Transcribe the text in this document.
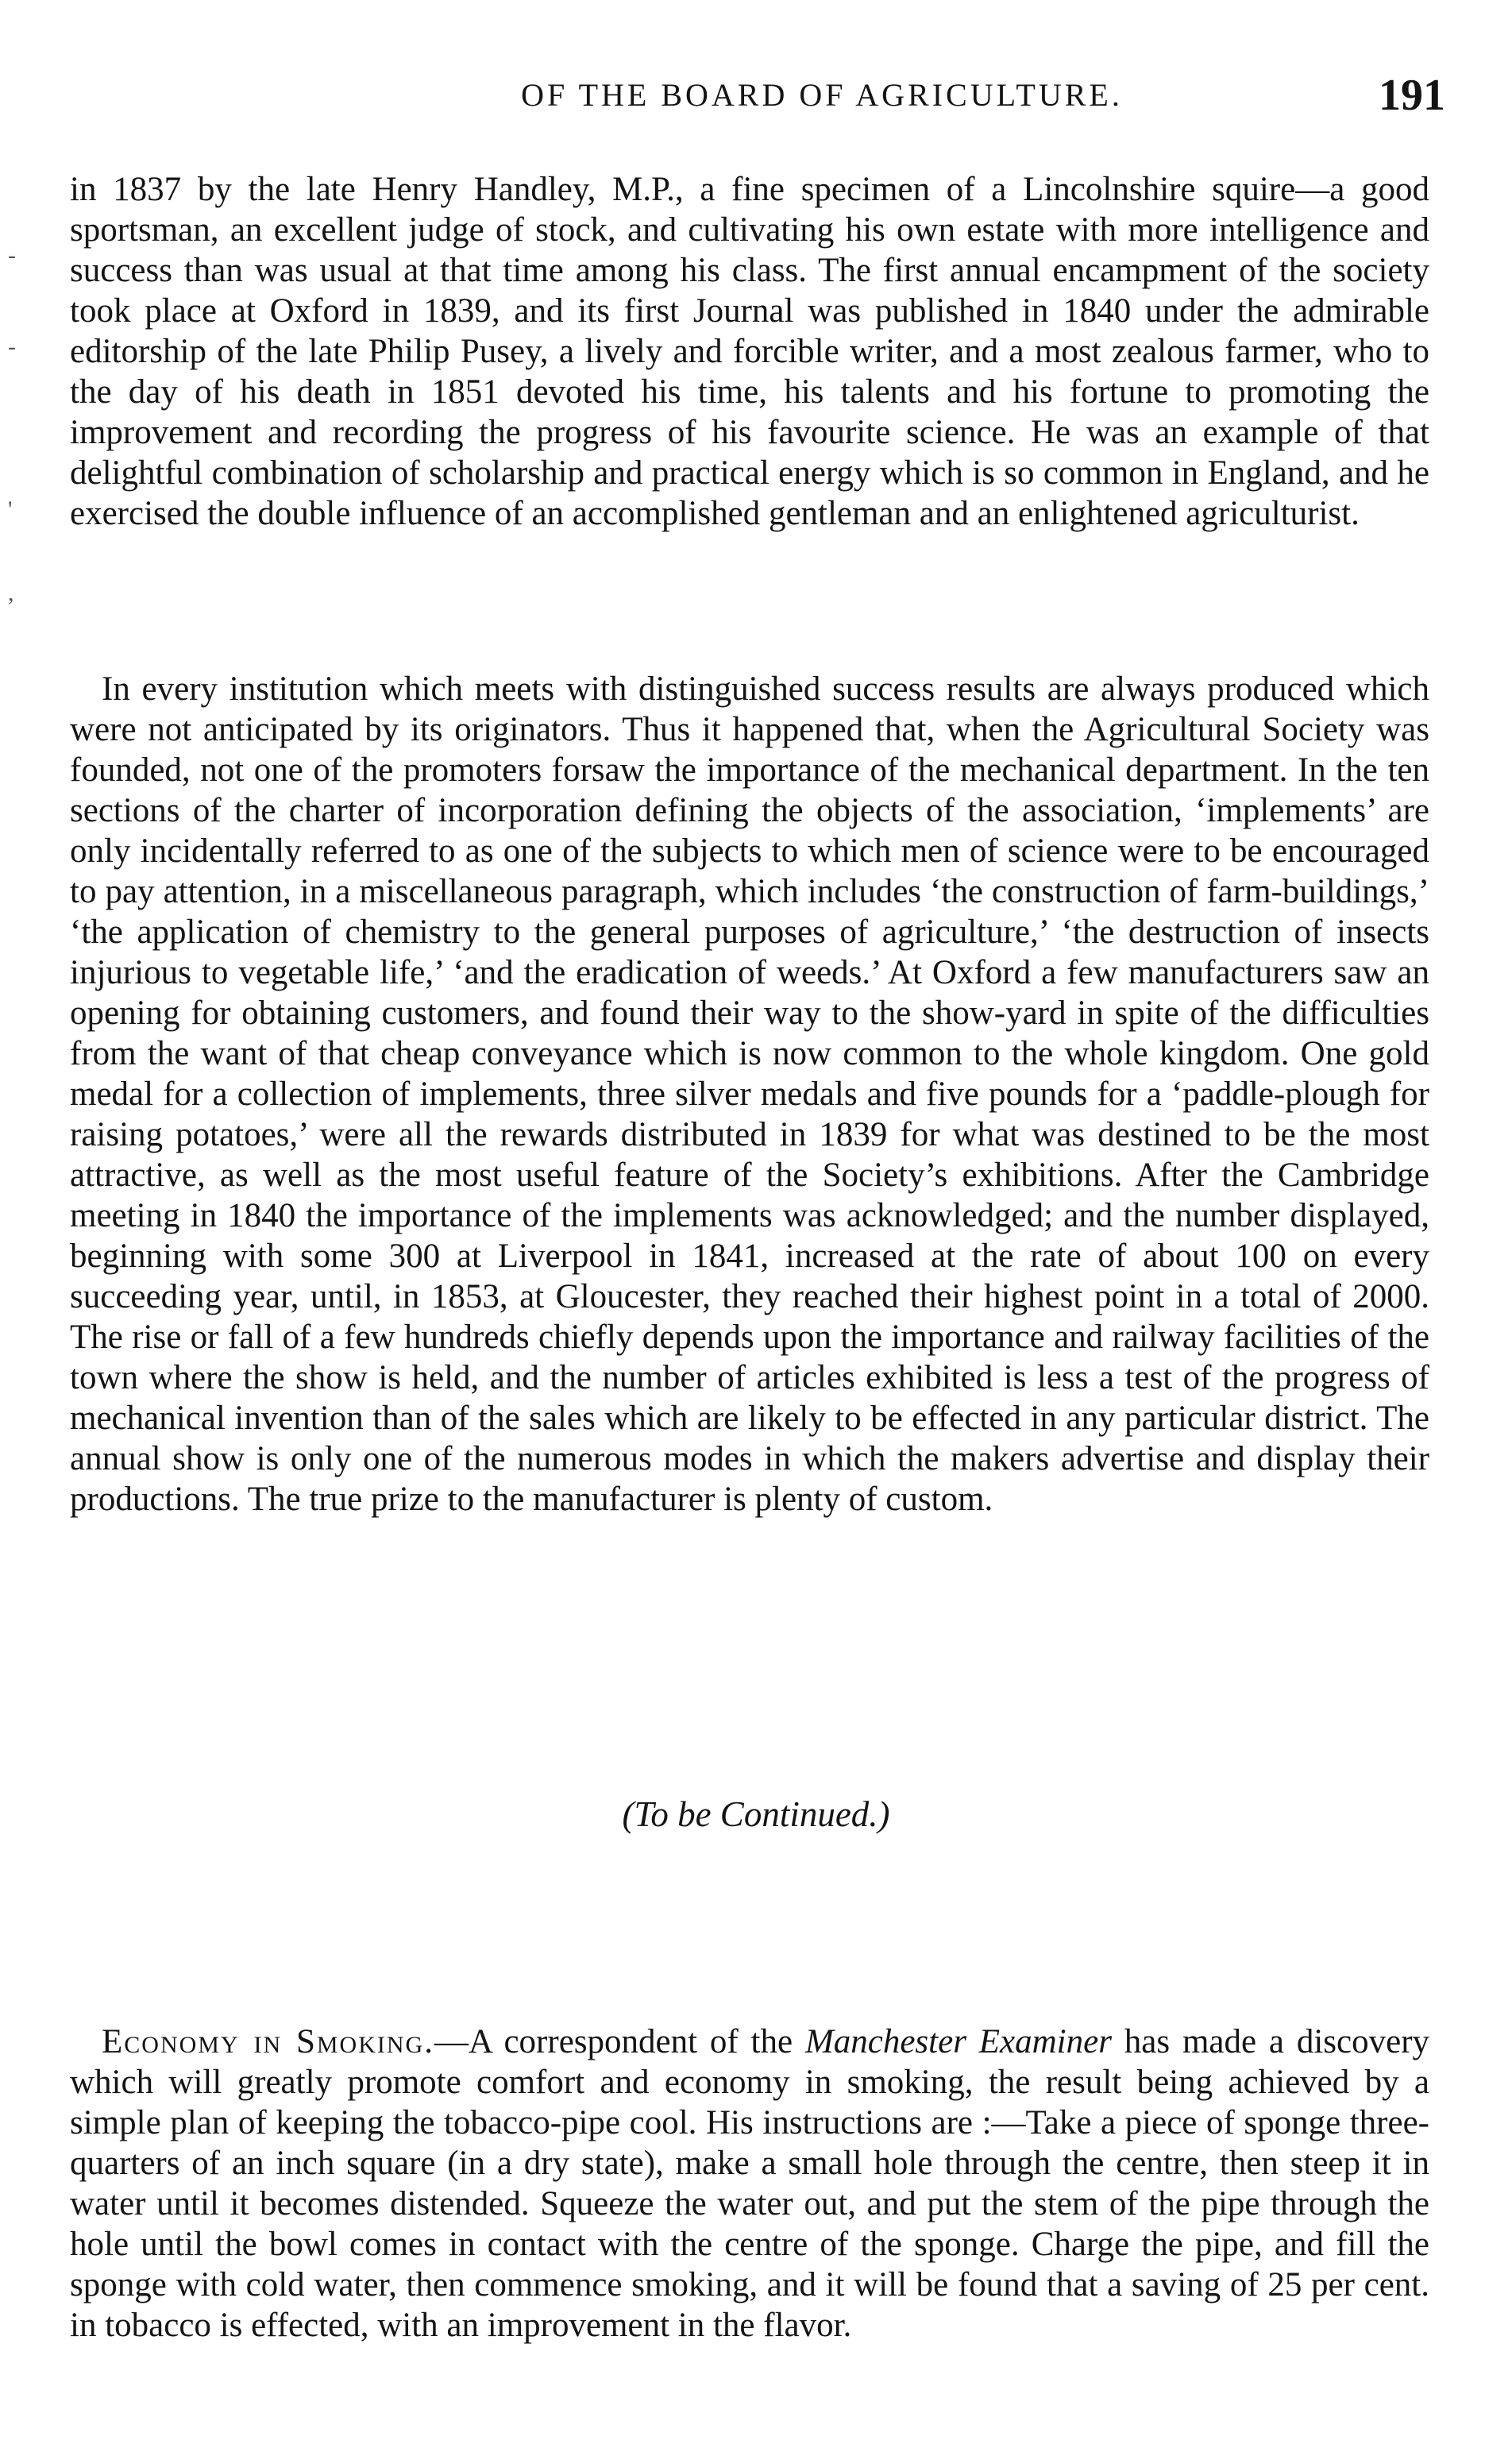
OF THE BOARD OF AGRICULTURE.	191
-
-
'
,

in 1837 by the late Henry Handley, M.P., a fine specimen of a Lincolnshire squire—a good sportsman, an excellent judge of stock, and cultivating his own estate with more intelligence and success than was usual at that time among his class. The first annual encampment of the society took place at Oxford in 1839, and its first Journal was published in 1840 under the admirable editorship of the late Philip Pusey, a lively and forcible writer, and a most zealous farmer, who to the day of his death in 1851 devoted his time, his talents and his fortune to promoting the improvement and recording the progress of his favourite science. He was an example of that delightful combination of scholarship and practical energy which is so common in England, and he exercised the double influence of an accomplished gentleman and an enlightened agriculturist.

In every institution which meets with distinguished success results are always produced which were not anticipated by its originators. Thus it happened that, when the Agricultural Society was founded, not one of the promoters forsaw the importance of the mechanical department. In the ten sections of the charter of incorporation defining the objects of the association, ‘implements’ are only incidentally referred to as one of the subjects to which men of science were to be encouraged to pay attention, in a miscellaneous paragraph, which includes ‘the construction of farm-buildings,’ ‘the application of chemistry to the general purposes of agriculture,’ ‘the destruction of insects injurious to vegetable life,’ ‘and the eradication of weeds.’ At Oxford a few manufacturers saw an opening for obtaining customers, and found their way to the show-yard in spite of the difficulties from the want of that cheap conveyance which is now common to the whole kingdom. One gold medal for a collection of implements, three silver medals and five pounds for a ‘paddle-plough for raising potatoes,’ were all the rewards distributed in 1839 for what was destined to be the most attractive, as well as the most useful feature of the Society’s exhibitions. After the Cambridge meeting in 1840 the importance of the implements was acknowledged; and the number displayed, beginning with some 300 at Liverpool in 1841, increased at the rate of about 100 on every succeeding year, until, in 1853, at Gloucester, they reached their highest point in a total of 2000. The rise or fall of a few hundreds chiefly depends upon the importance and railway facilities of the town where the show is held, and the number of articles exhibited is less a test of the progress of mechanical invention than of the sales which are likely to be effected in any particular district. The annual show is only one of the numerous modes in which the makers advertise and display their productions. The true prize to the manufacturer is plenty of custom.

(To be Continued.)

Economy in Smoking.—A correspondent of the Manchester Examiner has made a discovery which will greatly promote comfort and economy in smoking, the result being achieved by a simple plan of keeping the tobacco-pipe cool. His instructions are :—Take a piece of sponge three-quarters of an inch square (in a dry state), make a small hole through the centre, then steep it in water until it becomes distended. Squeeze the water out, and put the stem of the pipe through the hole until the bowl comes in contact with the centre of the sponge. Charge the pipe, and fill the sponge with cold water, then commence smoking, and it will be found that a saving of 25 per cent. in tobacco is effected, with an improvement in the flavor.
